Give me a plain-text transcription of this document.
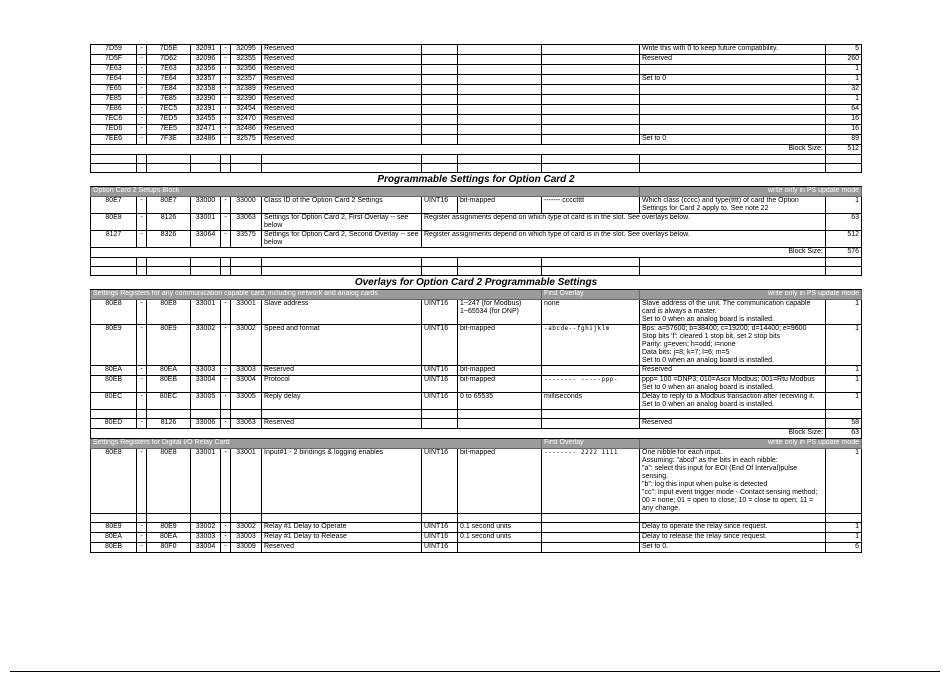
7D59	-	7D5E	32091	-	32095	Reserved				Write this with 0 to keep future compatibility.	5
7D5F	-	7D62	32096	-	32355	Reserved				Reserved	260
7E63	-	7E63	32356	-	32356	Reserved					1
7E64	-	7E64	32357	-	32357	Reserved				Set to 0	1
7E65	-	7E84	32358	-	32389	Reserved					32
7E85	-	7E85	32390	-	32390	Reserved					1
7E86	-	7EC5	32391	-	32454	Reserved					64
7EC6	-	7ED5	32455	-	32470	Reserved					16
7ED6	-	7EE5	32471	-	32486	Reserved					16
7EE6	-	7F3E	32486	-	32575	Reserved				Set to 0	89
Block Size:											512

Programmable Settings for Option Card 2											
Option Card 2 Setups Block										write only in PS update mode	
80E7	-	80E7	33000	-	33000	Class ID of the Option Card 2 Settings	UINT16	bit-mapped	------- cccctttt	Which class (cccc) and type(tttt) of card the Option Settings for Card 2 apply to. See note 22	1
80E8	-	8126	33001	-	33063	Settings for Option Card 2, First Overlay -- see below	Register assignments depend on which type of card is in the slot. See overlays below.				63
8127	-	8326	33064	-	33575	Settings for Option Card 2, Second Overlay -- see below	Register assignments depend on which type of card is in the slot. See overlays below.				512
Block Size:											576

Overlays for Option Card 2 Programmable Settings											
Settings Registers for any communication capable card, including network and analog cards									First Overlay	write only in PS update mode	
80E8	-	80E8	33001	-	33001	Slave address	UINT16	1~247 (for Modbus)
1~65534 (for DNP)	none	Slave address of the unit. The communication capable card is always a master.
Set to 0 when an analog board is installed.	1
80E9	-	80E9	33002	-	33002	Speed and format	UINT16	bit-mapped	-abcde--fghijklm	Bps: a=57600; b=38400; c=19200; d=14400; e=9600
Stop bits 'f': cleared 1 stop bit, set 2 stop bits
Parity: g=even; h=odd; i=none
Data bits: j=8; k=7; l=6; m=5
Set to 0 when an analog board is installed.	1
80EA	-	80EA	33003	-	33003	Reserved	UINT16	bit-mapped		Reserved	1
80EB	-	80EB	33004	-	33004	Protocol	UINT16	bit-mapped	-------- -----ppp-	ppp= 100 =DNP3; 010=Ascii Modbus; 001=Rtu Modbus
Set to 0 when an analog board is installed.	1
80EC	-	80EC	33005	-	33005	Reply delay	UINT16	0 to 65535	milliseconds	Delay to reply to a Modbus transaction after receiving it.
Set to 0 when an analog board is installed.	1

80ED	-	8126	33006	-	33063	Reserved				Reserved	58
Block Size:											63
Settings Registers for Digital I/O Relay Card									First Overlay	write only in PS update mode	
80E8	-	80E8	33001	-	33001	Input#1 - 2 bindings & logging enables	UINT16	bit-mapped	-------- 2222 1111	One nibble for each input.
Assuming: "abcd" as the bits in each nibble:
"a": select this input for EOI (End Of Interval)pulse sensing.
"b": log this input when pulse is detected
"cc": Input event trigger mode - Contact sensing method; 00 = none; 01 = open to close; 10 = close to open; 11 = any change.	1

80E9	-	80E9	33002	-	33002	Relay #1 Delay to Operate	UINT16	0.1 second units		Delay to operate the relay since request.	1
80EA	-	80EA	33003	-	33003	Relay #1 Delay to Release	UINT16	0.1 second units		Delay to release the relay since request.	1
80EB	-	80F0	33004	-	33009	Reserved	UINT16			Set to 0.	6
